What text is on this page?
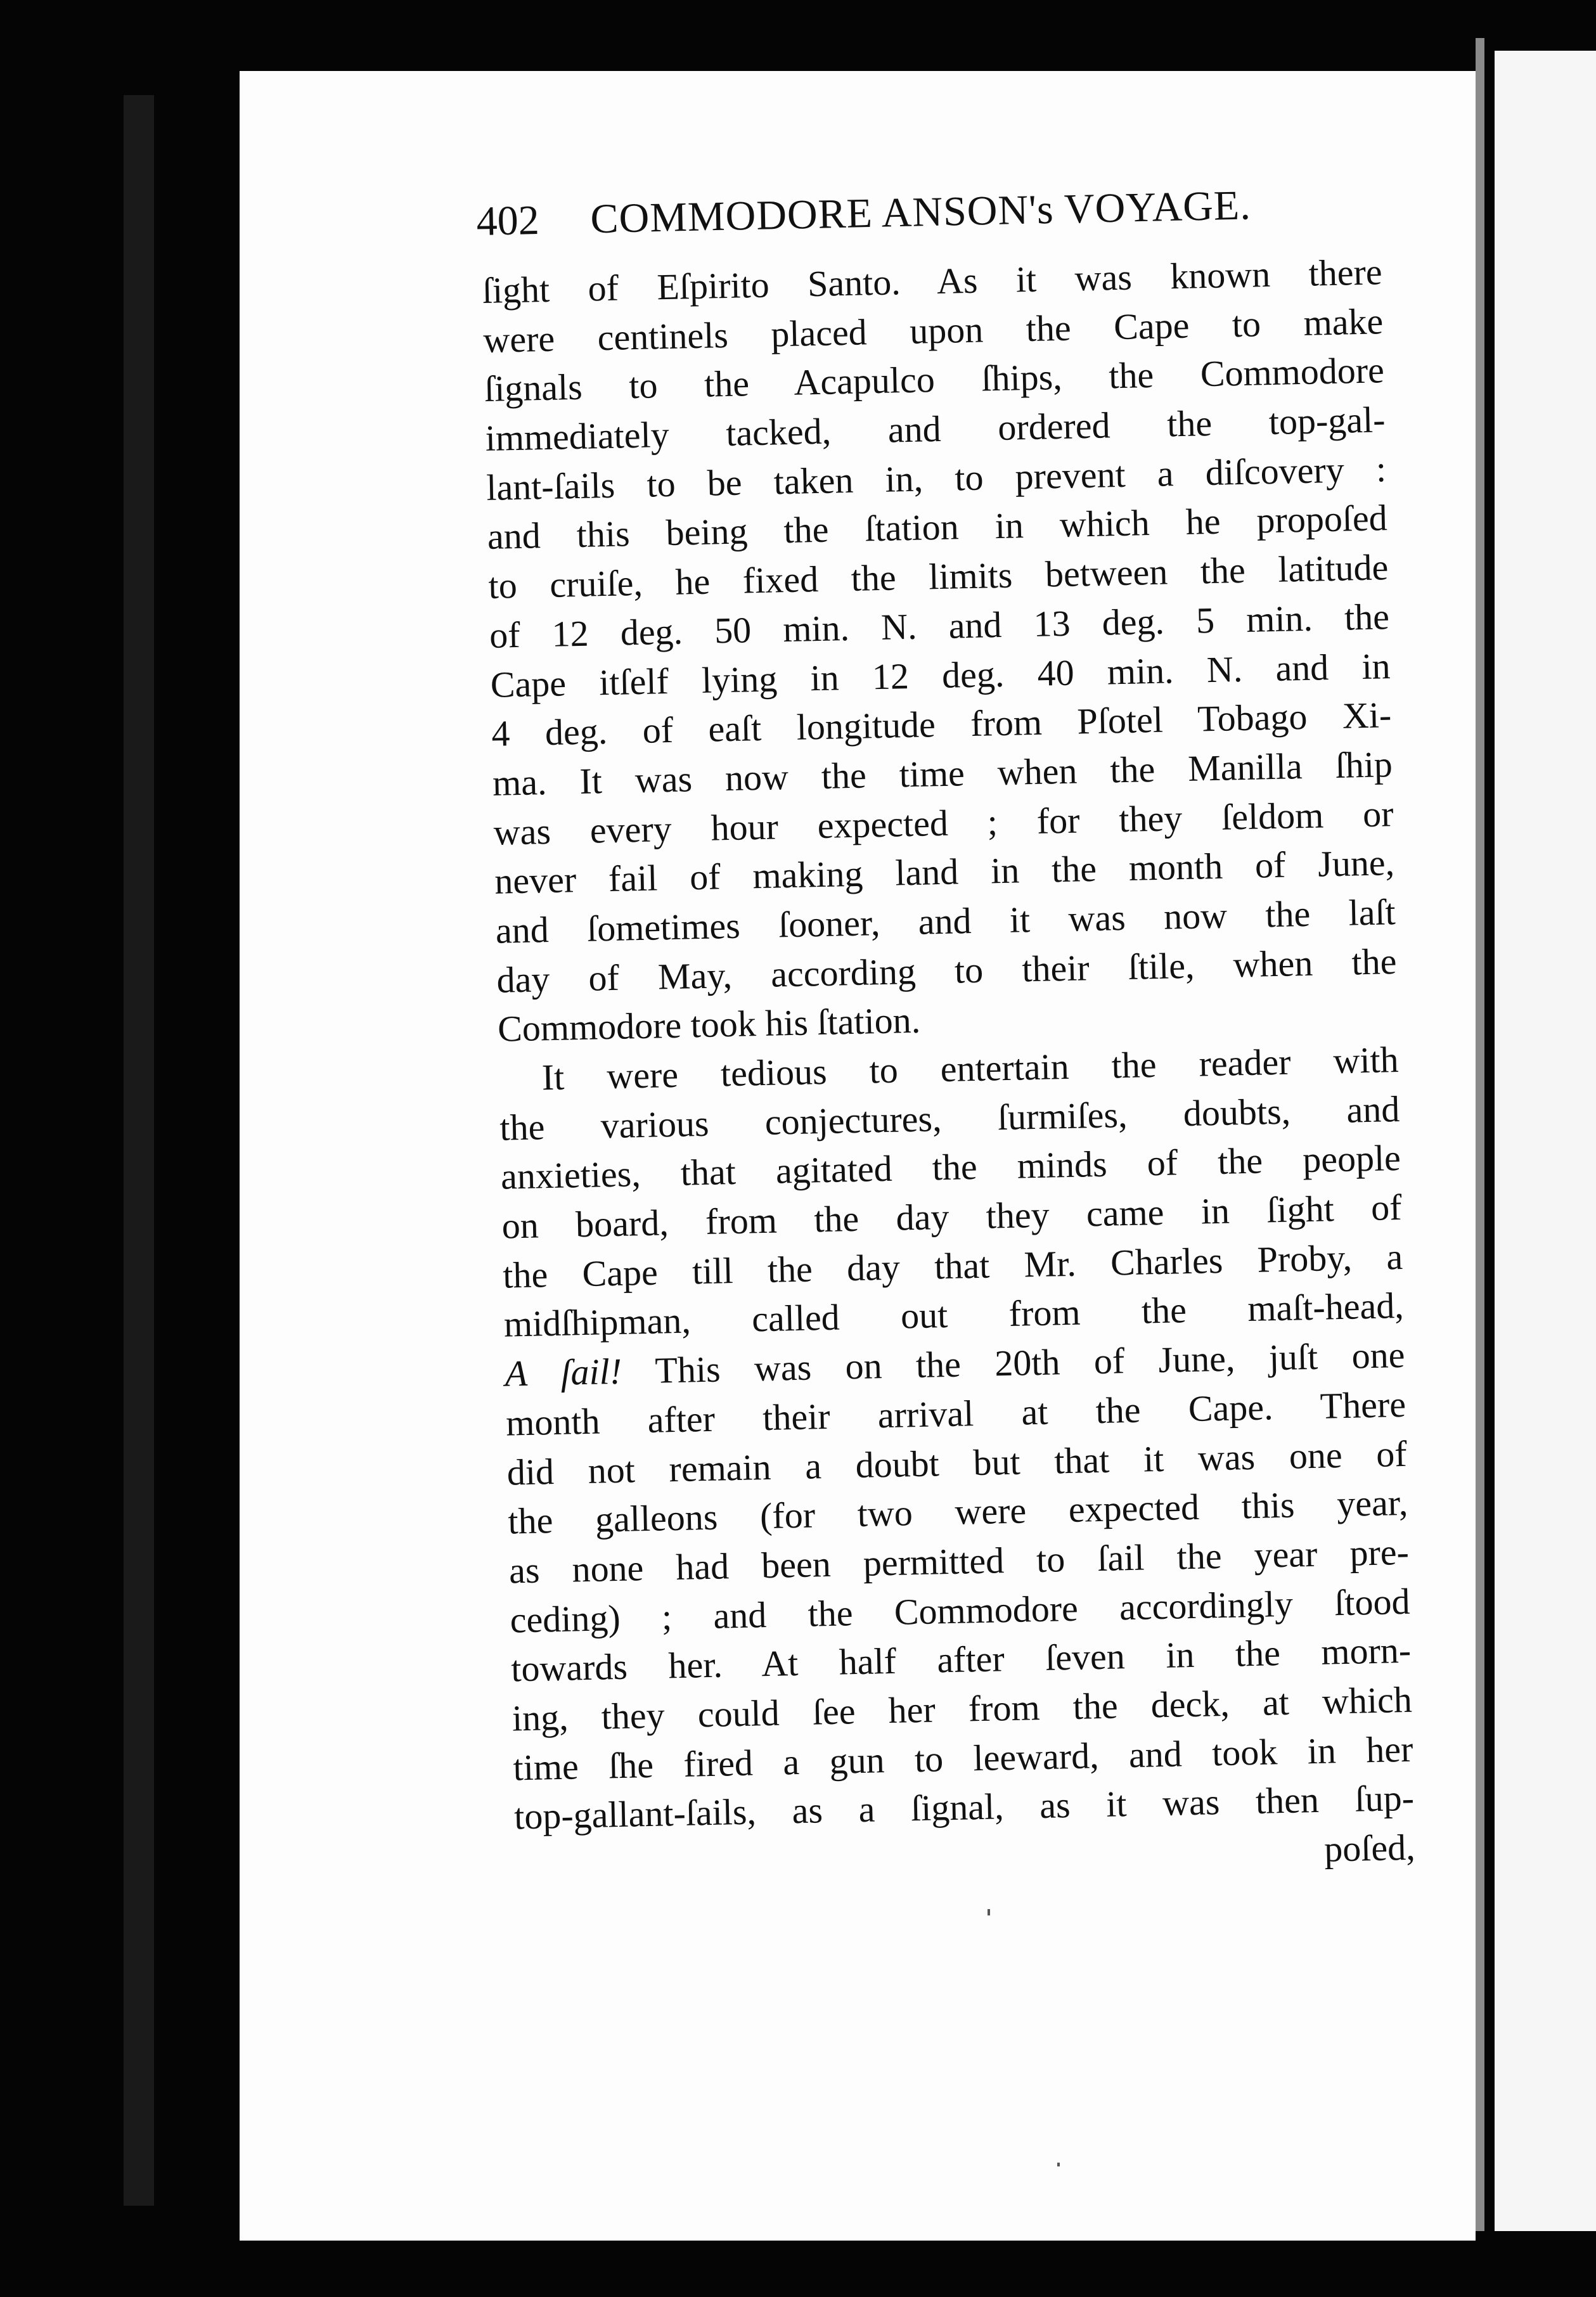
402 COMMODORE ANSON's VOYAGE.
ſight of Eſpirito Santo. As it was known there
were centinels placed upon the Cape to make
ſignals to the Acapulco ſhips, the Commodore
immediately tacked, and ordered the top-gal-
lant-ſails to be taken in, to prevent a diſcovery :
and this being the ſtation in which he propoſed
to cruiſe, he fixed the limits between the latitude
of 12 deg. 50 min. N. and 13 deg. 5 min. the
Cape itſelf lying in 12 deg. 40 min. N. and in
4 deg. of eaſt longitude from Pſotel Tobago Xi-
ma. It was now the time when the Manilla ſhip
was every hour expected ; for they ſeldom or
never fail of making land in the month of June,
and ſometimes ſooner, and it was now the laſt
day of May, according to their ſtile, when the
Commodore took his ſtation.
It were tedious to entertain the reader with
the various conjectures, ſurmiſes, doubts, and
anxieties, that agitated the minds of the people
on board, from the day they came in ſight of
the Cape till the day that Mr. Charles Proby, a
midſhipman, called out from the maſt-head,
A ſail! This was on the 20th of June, juſt one
month after their arrival at the Cape. There
did not remain a doubt but that it was one of
the galleons (for two were expected this year,
as none had been permitted to ſail the year pre-
ceding) ; and the Commodore accordingly ſtood
towards her. At half after ſeven in the morn-
ing, they could ſee her from the deck, at which
time ſhe fired a gun to leeward, and took in her
top-gallant-ſails, as a ſignal, as it was then ſup-
poſed,
